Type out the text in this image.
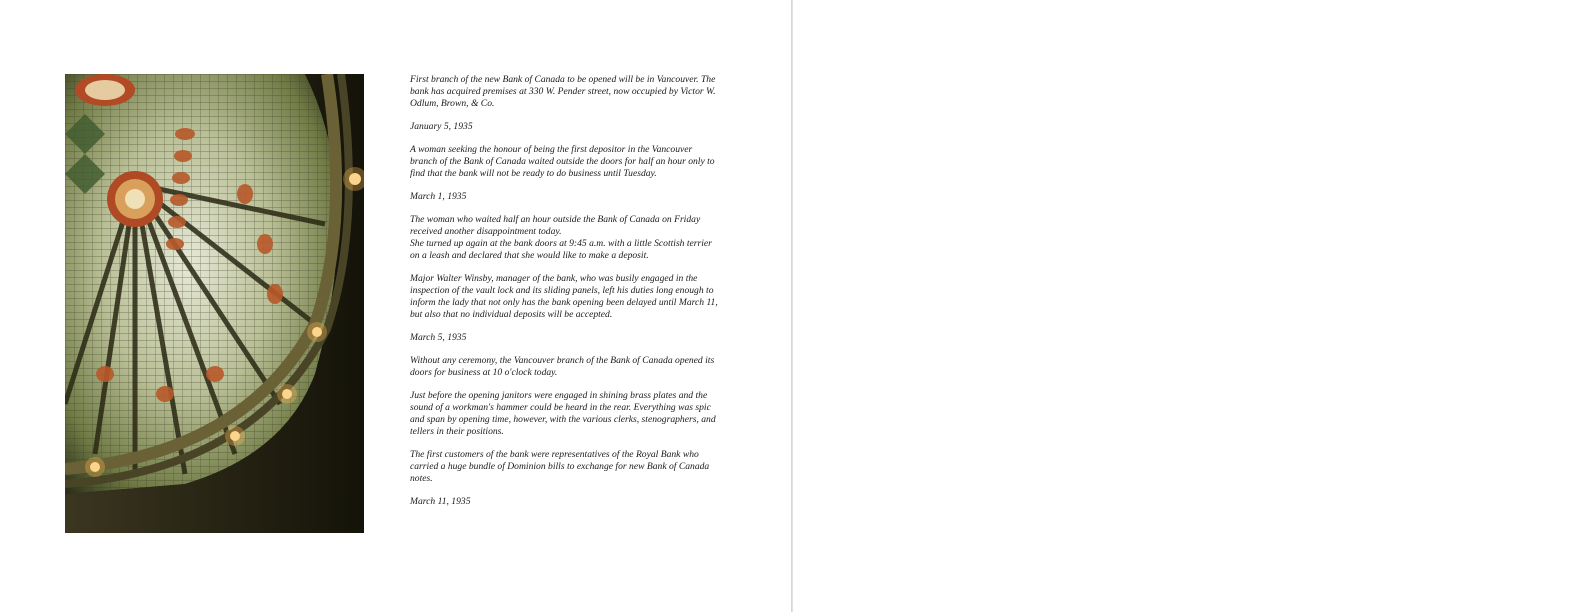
First branch of the new Bank of Canada to be opened will be in Vancouver. The bank has acquired premises at 330 W. Pender street, now occupied by Victor W. Odlum, Brown, & Co.

January 5, 1935

A woman seeking the honour of being the first depositor in the Vancouver branch of the Bank of Canada waited outside the doors for half an hour only to find that the bank will not be ready to do business until Tuesday.

March 1, 1935

The woman who waited half an hour outside the Bank of Canada on Friday received another disappointment today.
She turned up again at the bank doors at 9:45 a.m. with a little Scottish terrier on a leash and declared that she would like to make a deposit.

Major Walter Winsby, manager of the bank, who was busily engaged in the inspection of the vault lock and its sliding panels, left his duties long enough to inform the lady that not only has the bank opening been delayed until March 11, but also that no individual deposits will be accepted.

March 5, 1935

Without any ceremony, the Vancouver branch of the Bank of Canada opened its doors for business at 10 o'clock today.

Just before the opening janitors were engaged in shining brass plates and the sound of a workman's hammer could be heard in the rear. Everything was spic and span by opening time, however, with the various clerks, stenographers, and tellers in their positions.

The first customers of the bank were representatives of the Royal Bank who carried a huge bundle of Dominion bills to exchange for new Bank of Canada notes.

March 11, 1935
